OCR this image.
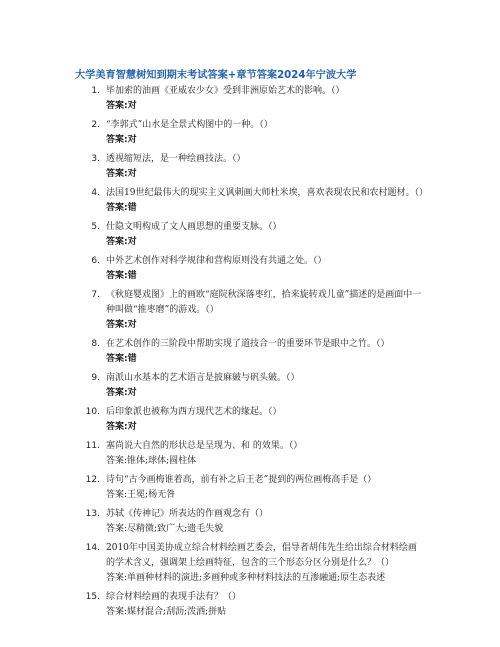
大学美育智慧树知到期末考试答案+章节答案2024年宁波大学
1. 毕加索的油画《亚威农少女》受到非洲原始艺术的影响。（）
答案:对
2. “李郭式”山水是全景式构图中的一种。（）
答案:对
3. 透视缩短法，是一种绘画技法。（）
答案:对
4. 法国19世纪最伟大的现实主义讽刺画大师杜米埃，喜欢表现农民和农村题材。（）
答案:错
5. 仕隐文明构成了文人画思想的重要支脉。（）
答案:对
6. 中外艺术创作对科学规律和营构原则没有共通之处。（）
答案:错
7. 《秋庭婴戏图》上的画欧“庭院秋深落枣红，拾来旋转戏儿童”描述的是画面中一种叫做“推枣磨”的游戏。（）
答案:对
8. 在艺术创作的三阶段中帮助实现了道技合一的重要环节是眼中之竹。（）
答案:错
9. 南派山水基本的艺术语言是披麻皴与矾头皴。（）
答案:对
10. 后印象派也被称为西方现代艺术的缘起。（）
答案:对
11. 塞尚说大自然的形状总是呈现为、和 的效果。（）
答案:锥体;球体;圆柱体
12. 诗句“古今画梅谁着高，前有补之后王老”提到的两位画梅高手是（）
答案:王冕;杨无咎
13. 苏轼《传神记》所表达的作画观念有（）
答案:尽精微;致广大;遗毛失貌
14. 2010年中国美协成立综合材料绘画艺委会，倡导者胡伟先生给出综合材料绘画的学术含义，强调架上绘画特征，包含的三个形态分区分别是什么？（）
答案:单画种材料的演进;多画种或多种材料技法的互渗融通;原生态表述
15. 综合材料绘画的表现手法有？（）
答案:媒材混合;刮沥;泼洒;拼贴
